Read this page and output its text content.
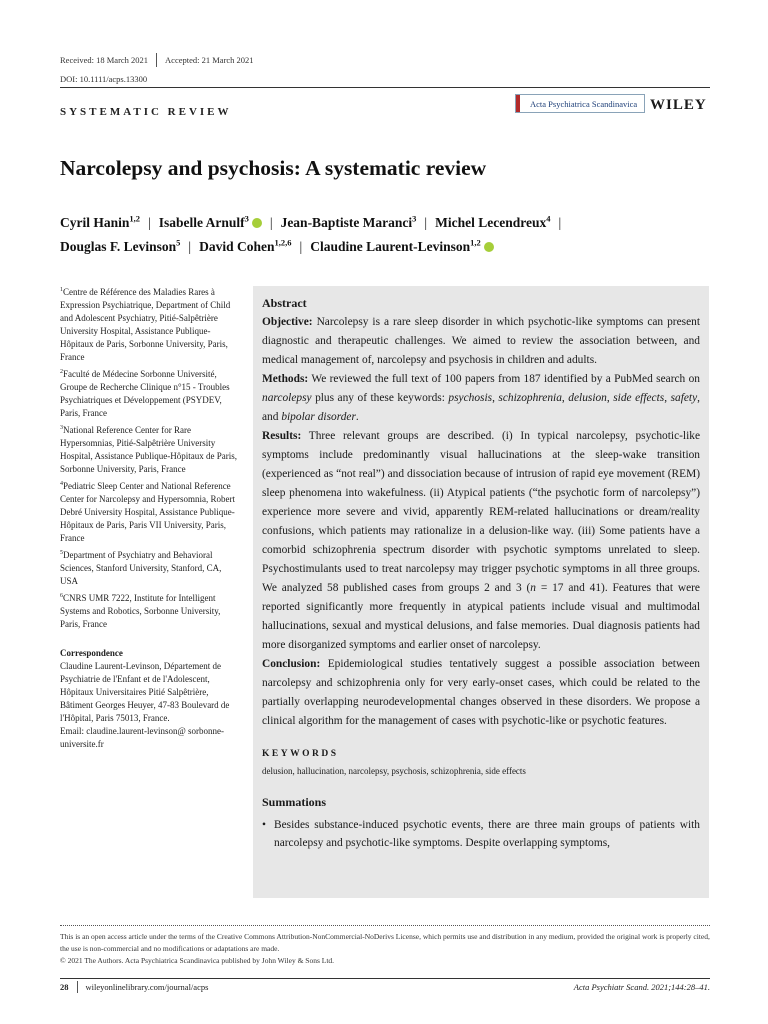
Received: 18 March 2021 Accepted: 21 March 2021
DOI: 10.1111/acps.13300
SYSTEMATIC REVIEW
Acta Psychiatrica Scandinavica WILEY
Narcolepsy and psychosis: A systematic review
Cyril Hanin$^{1,2}$ | Isabelle Arnulf$^3$ | Jean-Baptiste Maranci$^3$ | Michel Lecendreux$^4$ |
Douglas F. Levinson$^5$ | David Cohen$^{1,2,6}$ | Claudine Laurent-Levinson$^{1,2}$
$^1$Centre de Référence des Maladies Rares à Expression Psychiatrique, Department of Child and Adolescent Psychiatry, Pitié-Salpêtrière University Hospital, Assistance Publique-Hôpitaux de Paris, Sorbonne University, Paris, France
$^2$Faculté de Médecine Sorbonne Université, Groupe de Recherche Clinique n°15 - Troubles Psychiatriques et Développement (PSYDEV, Paris, France
$^3$National Reference Center for Rare Hypersomnias, Pitié-Salpêtrière University Hospital, Assistance Publique-Hôpitaux de Paris, Sorbonne University, Paris, France
$^4$Pediatric Sleep Center and National Reference Center for Narcolepsy and Hypersomnia, Robert Debré University Hospital, Assistance Publique-Hôpitaux de Paris, Paris VII University, Paris, France
$^5$Department of Psychiatry and Behavioral Sciences, Stanford University, Stanford, CA, USA
$^6$CNRS UMR 7222, Institute for Intelligent Systems and Robotics, Sorbonne University, Paris, France
Correspondence
Claudine Laurent-Levinson, Département de Psychiatrie de l'Enfant et de l'Adolescent, Hôpitaux Universitaires Pitié Salpêtrière, Bâtiment Georges Heuyer, 47-83 Boulevard de l'Hôpital, Paris 75013, France.
Email: claudine.laurent-levinson@ sorbonne-universite.fr
Abstract

Objective: Narcolepsy is a rare sleep disorder in which psychotic-like symptoms can present diagnostic and therapeutic challenges. We aimed to review the association between, and medical management of, narcolepsy and psychosis in children and adults.

Methods: We reviewed the full text of 100 papers from 187 identified by a PubMed search on narcolepsy plus any of these keywords: psychosis, schizophrenia, delusion, side effects, safety, and bipolar disorder.

Results: Three relevant groups are described. (i) In typical narcolepsy, psychotic-like symptoms include predominantly visual hallucinations at the sleep-wake transition (experienced as “not real”) and dissociation because of intrusion of rapid eye movement (REM) sleep phenomena into wakefulness. (ii) Atypical patients (“the psychotic form of narcolepsy”) experience more severe and vivid, apparently REM-related hallucinations or dream/reality confusions, which patients may rationalize in a delusion-like way. (iii) Some patients have a comorbid schizophrenia spectrum disorder with psychotic symptoms unrelated to sleep. Psychostimulants used to treat narcolepsy may trigger psychotic symptoms in all three groups. We analyzed 58 published cases from groups 2 and 3 (n = 17 and 41). Features that were reported significantly more frequently in atypical patients include visual and multimodal hallucinations, sexual and mystical delusions, and false memories. Dual diagnosis patients had more disorganized symptoms and earlier onset of narcolepsy.

Conclusion: Epidemiological studies tentatively suggest a possible association between narcolepsy and schizophrenia only for very early-onset cases, which could be related to the partially overlapping neurodevelopmental changes observed in these disorders. We propose a clinical algorithm for the management of cases with psychotic-like or psychotic features.

KEYWORDS
delusion, hallucination, narcolepsy, psychosis, schizophrenia, side effects
Summations
• Besides substance-induced psychotic events, there are three main groups of patients with narcolepsy and psychotic-like symptoms. Despite overlapping symptoms,
This is an open access article under the terms of the Creative Commons Attribution-NonCommercial-NoDerivs License, which permits use and distribution in any medium, provided the original work is properly cited, the use is non-commercial and no modifications or adaptations are made.
© 2021 The Authors. Acta Psychiatrica Scandinavica published by John Wiley & Sons Ltd.
28 wileyonlinelibrary.com/journal/acps	Acta Psychiatr Scand. 2021;144:28–41.
